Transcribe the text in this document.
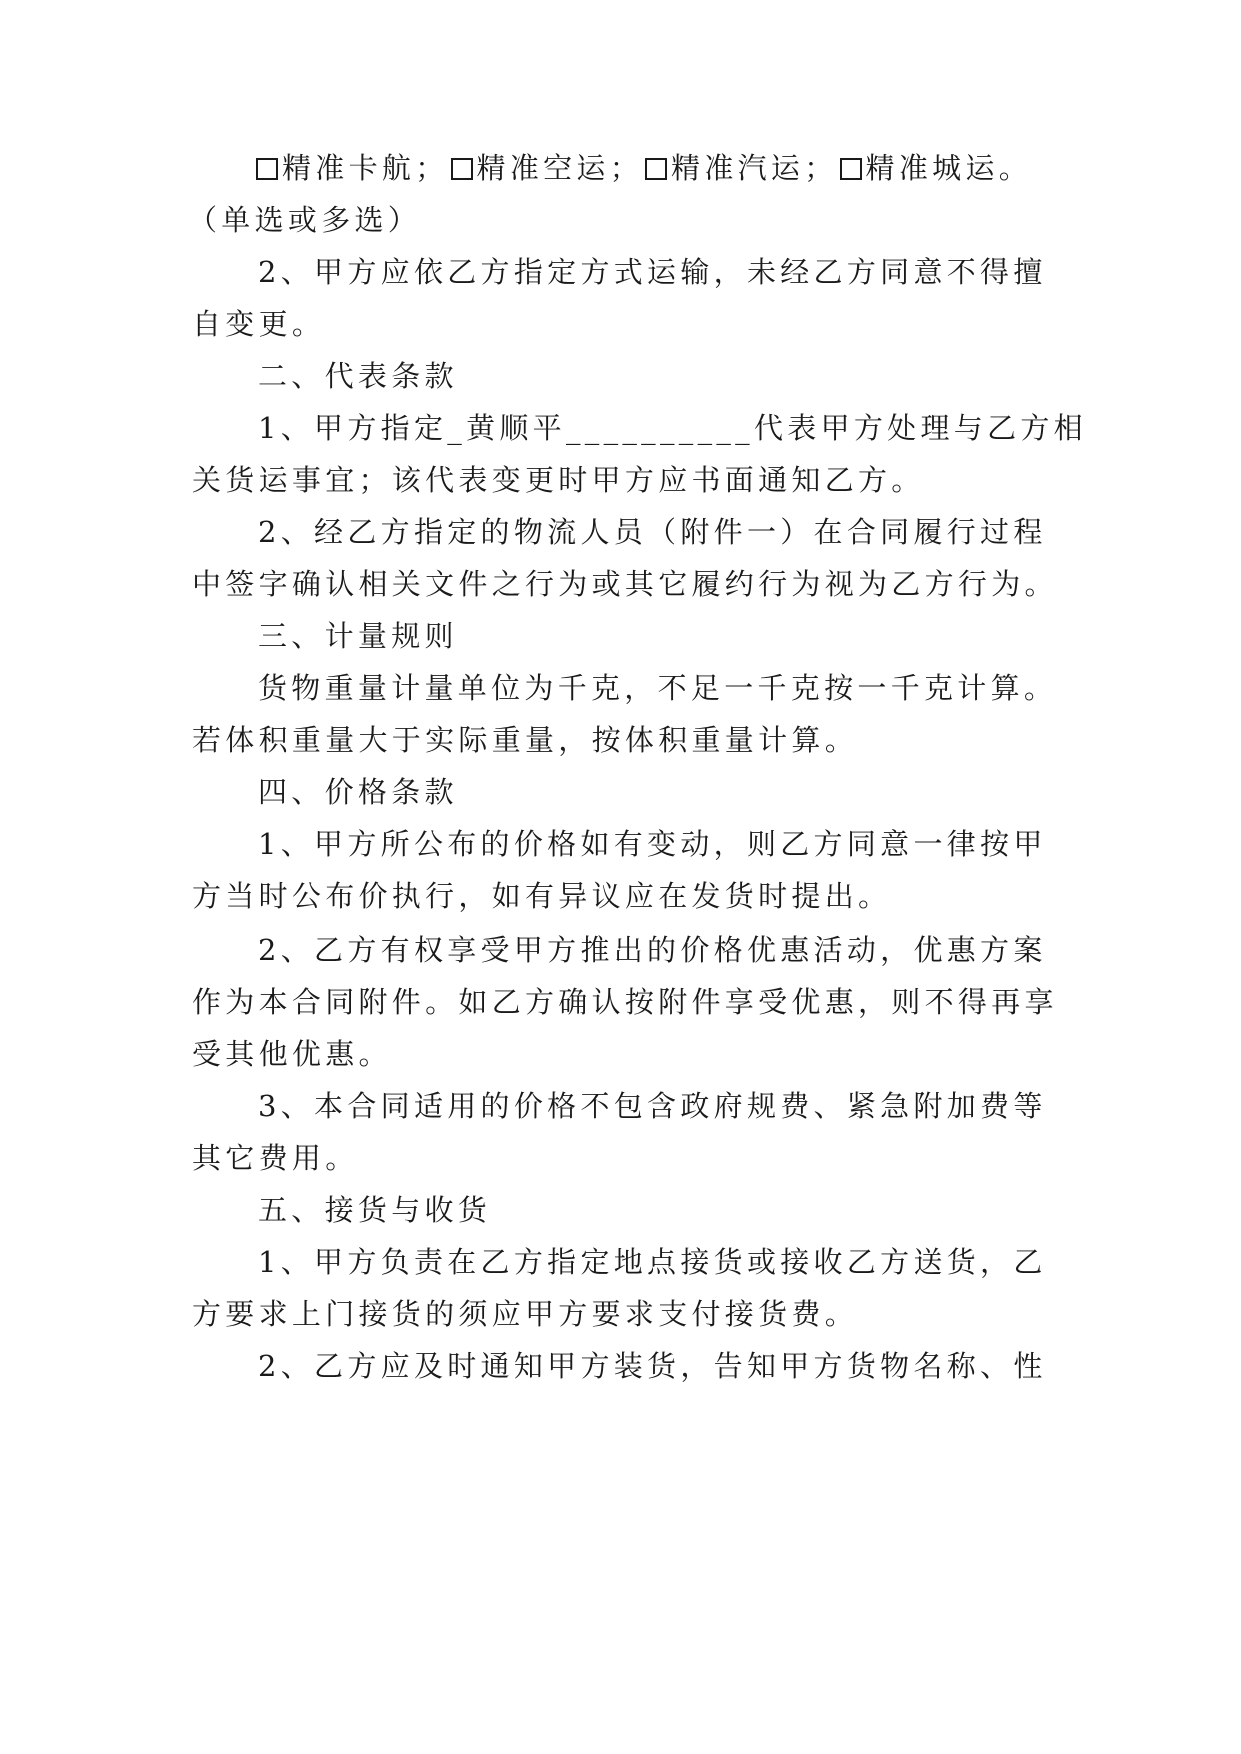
精准卡航； 精准空运； 精准汽运； 精准城运。
（单选或多选）
2、甲方应依乙方指定方式运输，未经乙方同意不得擅
自变更。
二、代表条款
1、甲方指定_黄顺平__________代表甲方处理与乙方相
关货运事宜；该代表变更时甲方应书面通知乙方。
2、经乙方指定的物流人员（附件一）在合同履行过程
中签字确认相关文件之行为或其它履约行为视为乙方行为。
三、计量规则
货物重量计量单位为千克，不足一千克按一千克计算。
若体积重量大于实际重量，按体积重量计算。
四、价格条款
1、甲方所公布的价格如有变动，则乙方同意一律按甲
方当时公布价执行，如有异议应在发货时提出。
2、乙方有权享受甲方推出的价格优惠活动，优惠方案
作为本合同附件。如乙方确认按附件享受优惠，则不得再享
受其他优惠。
3、本合同适用的价格不包含政府规费、紧急附加费等
其它费用。
五、接货与收货
1、甲方负责在乙方指定地点接货或接收乙方送货，乙
方要求上门接货的须应甲方要求支付接货费。
2、乙方应及时通知甲方装货，告知甲方货物名称、性
